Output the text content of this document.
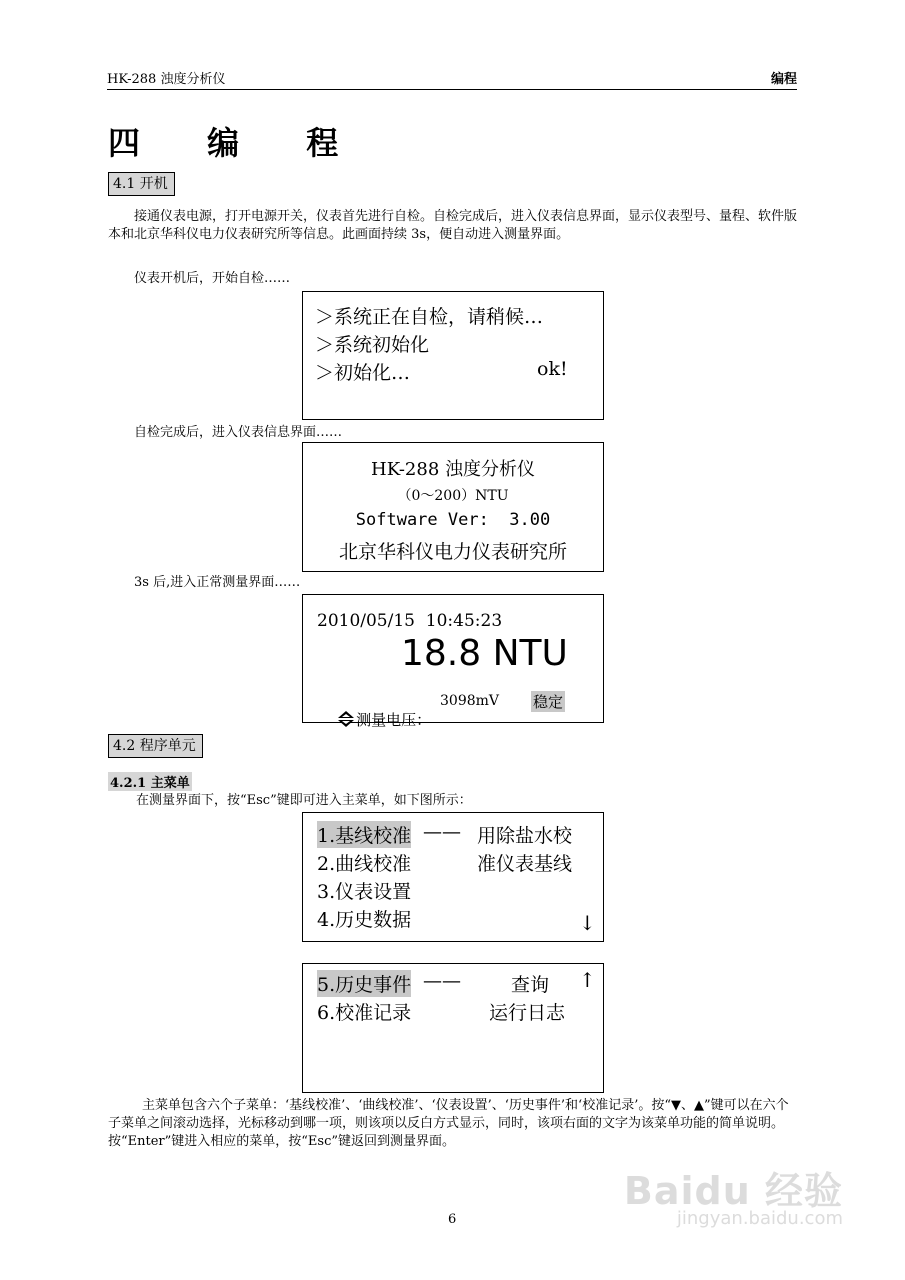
HK-288 浊度分析仪	编程
四 编 程
4.1 开机
接通仪表电源，打开电源开关，仪表首先进行自检。自检完成后，进入仪表信息界面，显示仪表型号、量程、软件版本和北京华科仪电力仪表研究所等信息。此画面持续 3s，便自动进入测量界面。
仪表开机后，开始自检……
＞系统正在自检，请稍候…
＞系统初始化
＞初始化…	ok!
自检完成后，进入仪表信息界面……
HK-288 浊度分析仪
（0～200）NTU
Software Ver:  3.00
北京华科仪电力仪表研究所
3s 后,进入正常测量界面……
2010/05/15  10:45:23
18.8 NTU

测量电压：

3098mV 稳定
4.2 程序单元
4.2.1 主菜单
在测量界面下，按“Esc”键即可进入主菜单，如下图所示：
1.基线校准 —— 用除盐水校
2.曲线校准	准仪表基线
3.仪表设置
4.历史数据	↓
5.历史事件 ——	查询 ↑
6.校准记录	运行日志
主菜单包含六个子菜单：‘基线校准’、‘曲线校准’、‘仪表设置’、‘历史事件’和‘校准记录’。按“▼、▲”键可以在六个子菜单之间滚动选择，光标移动到哪一项，则该项以反白方式显示，同时，该项右面的文字为该菜单功能的简单说明。按“Enter”键进入相应的菜单，按“Esc”键返回到测量界面。
6
Baidu 经验
jingyan.baidu.com
